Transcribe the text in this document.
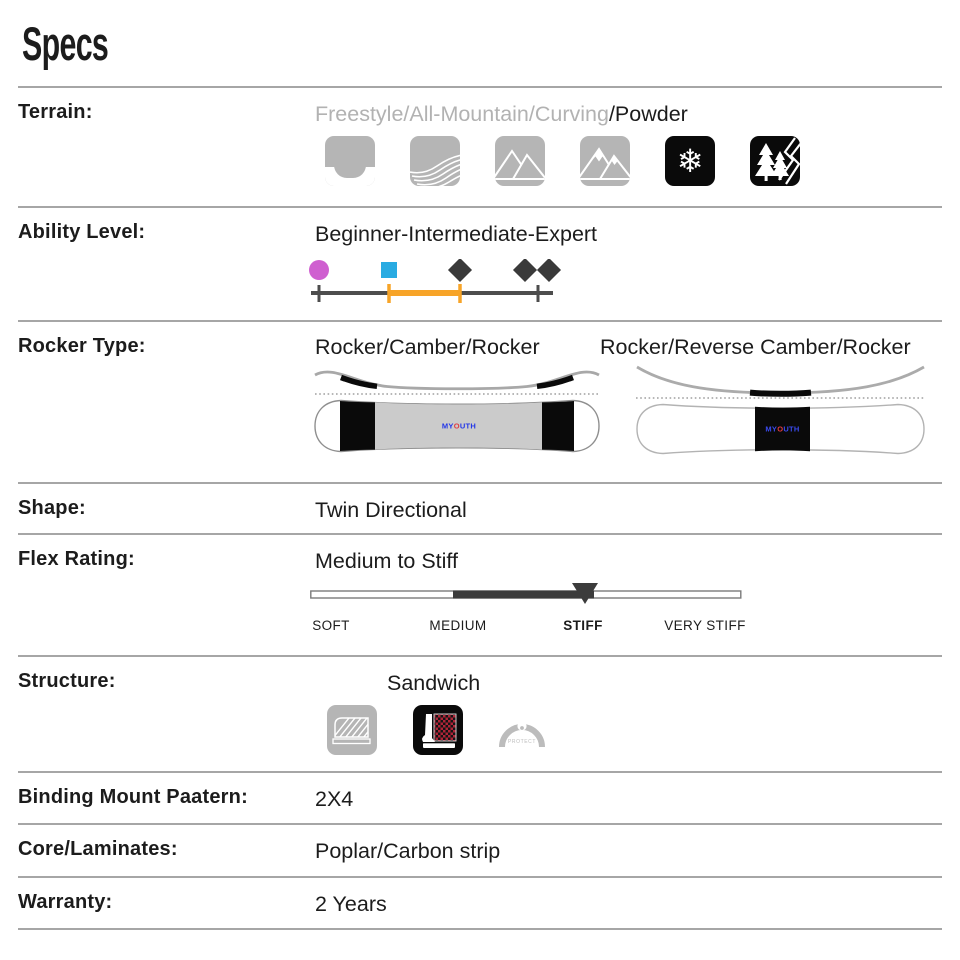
Specs
Terrain:	Freestyle/All-Mountain/Curving/Powder
❄
Ability Level:	Beginner-Intermediate-Expert
Rocker Type:	Rocker/Camber/Rocker	Rocker/Reverse Camber/Rocker
MYOUTH	MYOUTH
Shape:	Twin Directional
Flex Rating:	Medium to Stiff
SOFT	MEDIUM	STIFF	VERY STIFF
Structure:	Sandwich
PROTECT
Binding Mount Paatern:	2X4
Core/Laminates:	Poplar/Carbon strip
Warranty:	2 Years
